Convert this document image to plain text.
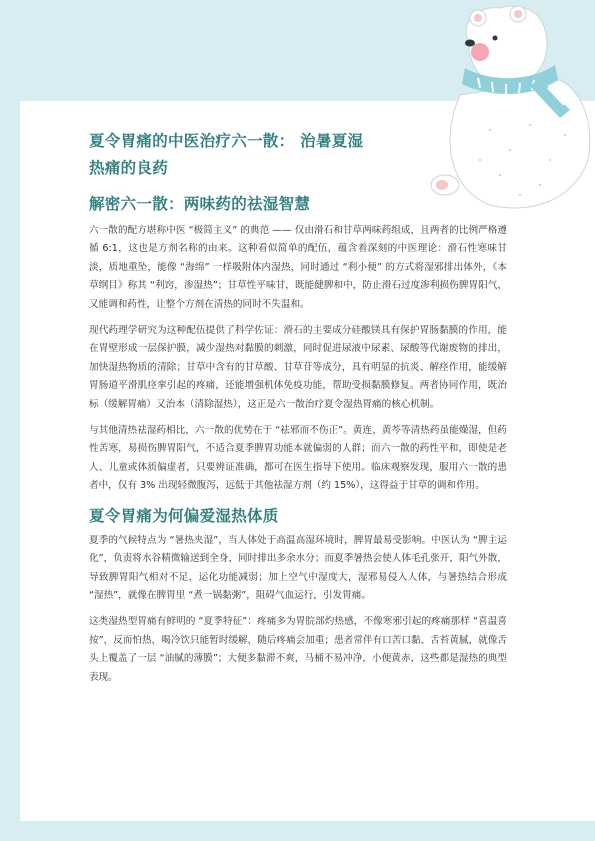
夏令胃痛的中医治疗六一散： 治暑夏湿
热痛的良药
解密六一散：两味药的祛湿智慧

六一散的配方堪称中医 “极简主义” 的典范 —— 仅由滑石和甘草两味药组成，且两者的比例严格遵循 6:1，这也是方剂名称的由来。这种看似简单的配伍，蕴含着深刻的中医理论：滑石性寒味甘淡，质地重坠，能像 “海绵” 一样吸附体内湿热，同时通过 “利小便” 的方式将湿邪排出体外，《本草纲目》称其 “利窍，渗湿热”；甘草性平味甘，既能健脾和中，防止滑石过度渗利损伤脾胃阳气，又能调和药性，让整个方剂在清热的同时不失温和。

现代药理学研究为这种配伍提供了科学佐证：滑石的主要成分硅酸镁具有保护胃肠黏膜的作用，能在胃壁形成一层保护膜，减少湿热对黏膜的刺激，同时促进尿液中尿素、尿酸等代谢废物的排出，加快湿热物质的清除；甘草中含有的甘草酸、甘草苷等成分，具有明显的抗炎、解痉作用，能缓解胃肠道平滑肌痉挛引起的疼痛，还能增强机体免疫功能，帮助受损黏膜修复。两者协同作用，既治标（缓解胃痛）又治本（清除湿热），这正是六一散治疗夏令湿热胃痛的核心机制。

与其他清热祛湿药相比，六一散的优势在于 “祛邪而不伤正”。黄连、黄芩等清热药虽能燥湿，但药性苦寒，易损伤脾胃阳气，不适合夏季脾胃功能本就偏弱的人群；而六一散的药性平和，即使是老人、儿童或体质偏虚者，只要辨证准确，都可在医生指导下使用。临床观察发现，服用六一散的患者中，仅有 3% 出现轻微腹泻，远低于其他祛湿方剂（约 15%），这得益于甘草的调和作用。

夏令胃痛为何偏爱湿热体质

夏季的气候特点为 “暑热夹湿”，当人体处于高温高湿环境时，脾胃最易受影响。中医认为 “脾主运化”，负责将水谷精微输送到全身，同时排出多余水分；而夏季暑热会使人体毛孔张开，阳气外散，导致脾胃阳气相对不足，运化功能减弱；加上空气中湿度大，湿邪易侵入人体，与暑热结合形成 “湿热”，就像在脾胃里 “煮一锅黏粥”，阻碍气血运行，引发胃痛。

这类湿热型胃痛有鲜明的 “夏季特征”：疼痛多为胃脘部灼热感，不像寒邪引起的疼痛那样 “喜温喜按”，反而怕热，喝冷饮只能暂时缓解，随后疼痛会加重；患者常伴有口苦口黏、舌苔黄腻，就像舌头上覆盖了一层 “油腻的薄膜”；大便多黏滞不爽，马桶不易冲净，小便黄赤，这些都是湿热的典型表现。
